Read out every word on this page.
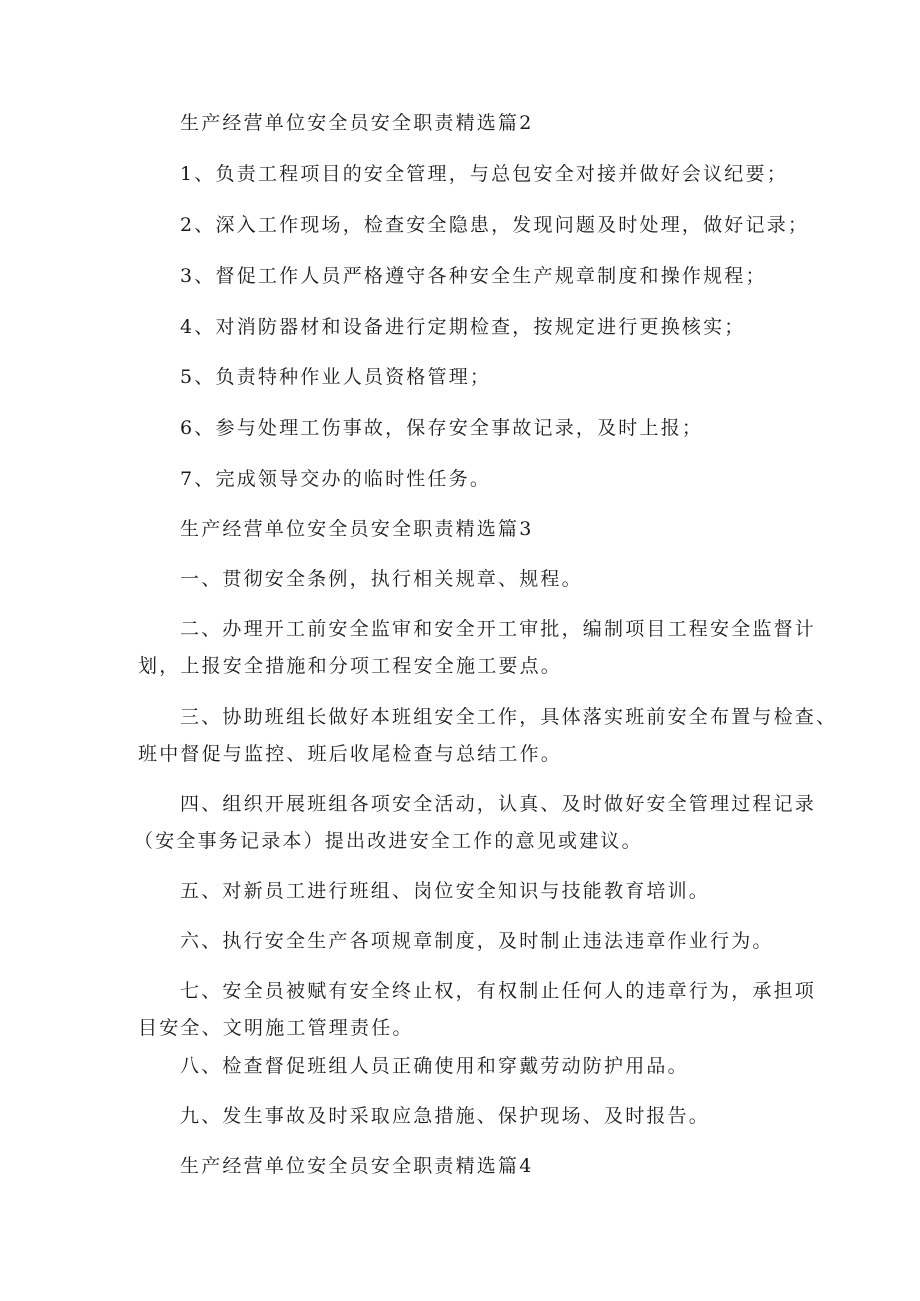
生产经营单位安全员安全职责精选篇2
1、负责工程项目的安全管理，与总包安全对接并做好会议纪要；
2、深入工作现场，检查安全隐患，发现问题及时处理，做好记录；
3、督促工作人员严格遵守各种安全生产规章制度和操作规程；
4、对消防器材和设备进行定期检查，按规定进行更换核实；
5、负责特种作业人员资格管理；
6、参与处理工伤事故，保存安全事故记录，及时上报；
7、完成领导交办的临时性任务。
生产经营单位安全员安全职责精选篇3
一、贯彻安全条例，执行相关规章、规程。
二、办理开工前安全监审和安全开工审批，编制项目工程安全监督计
划，上报安全措施和分项工程安全施工要点。
三、协助班组长做好本班组安全工作，具体落实班前安全布置与检查、
班中督促与监控、班后收尾检查与总结工作。
四、组织开展班组各项安全活动，认真、及时做好安全管理过程记录
（安全事务记录本）提出改进安全工作的意见或建议。
五、对新员工进行班组、岗位安全知识与技能教育培训。
六、执行安全生产各项规章制度，及时制止违法违章作业行为。
七、安全员被赋有安全终止权，有权制止任何人的违章行为，承担项
目安全、文明施工管理责任。
八、检查督促班组人员正确使用和穿戴劳动防护用品。
九、发生事故及时采取应急措施、保护现场、及时报告。
生产经营单位安全员安全职责精选篇4
